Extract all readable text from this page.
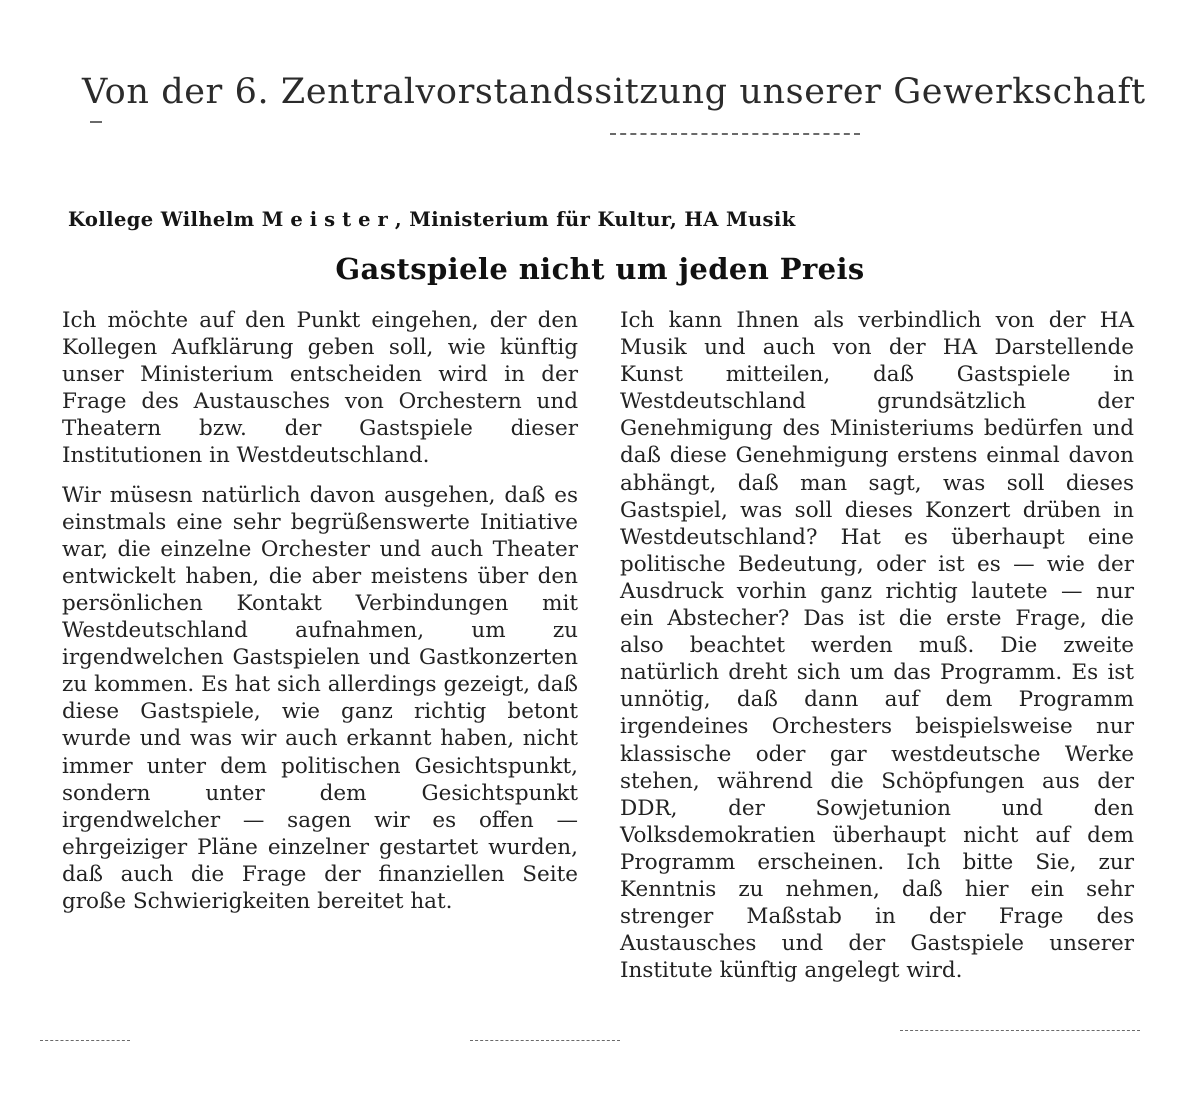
Von der 6. Zentralvorstandssitzung unserer Gewerkschaft

Kollege Wilhelm Meister, Ministerium für Kultur, HA Musik

Gastspiele nicht um jeden Preis

Ich möchte auf den Punkt eingehen, der den Kollegen Aufklärung geben soll, wie künftig unser Ministerium entscheiden wird in der Frage des Austausches von Orchestern und Theatern bzw. der Gastspiele dieser Institutionen in Westdeutschland.

Wir müsesn natürlich davon ausgehen, daß es einstmals eine sehr begrüßenswerte Initiative war, die einzelne Orchester und auch Theater entwickelt haben, die aber meistens über den persönlichen Kontakt Verbindungen mit Westdeutschland aufnahmen, um zu irgendwelchen Gastspielen und Gastkonzerten zu kommen. Es hat sich allerdings gezeigt, daß diese Gastspiele, wie ganz richtig betont wurde und was wir auch erkannt haben, nicht immer unter dem politischen Gesichtspunkt, sondern unter dem Gesichtspunkt irgendwelcher — sagen wir es offen — ehrgeiziger Pläne einzelner gestartet wurden, daß auch die Frage der finanziellen Seite große Schwierigkeiten bereitet hat.

Ich kann Ihnen als verbindlich von der HA Musik und auch von der HA Darstellende Kunst mitteilen, daß Gastspiele in Westdeutschland grundsätzlich der Genehmigung des Ministeriums bedürfen und daß diese Genehmigung erstens einmal davon abhängt, daß man sagt, was soll dieses Gastspiel, was soll dieses Konzert drüben in Westdeutschland? Hat es überhaupt eine politische Bedeutung, oder ist es — wie der Ausdruck vorhin ganz richtig lautete — nur ein Abstecher? Das ist die erste Frage, die also beachtet werden muß. Die zweite natürlich dreht sich um das Programm. Es ist unnötig, daß dann auf dem Programm irgendeines Orchesters beispielsweise nur klassische oder gar westdeutsche Werke stehen, während die Schöpfungen aus der DDR, der Sowjetunion und den Volksdemokratien überhaupt nicht auf dem Programm erscheinen. Ich bitte Sie, zur Kenntnis zu nehmen, daß hier ein sehr strenger Maßstab in der Frage des Austausches und der Gastspiele unserer Institute künftig angelegt wird.
